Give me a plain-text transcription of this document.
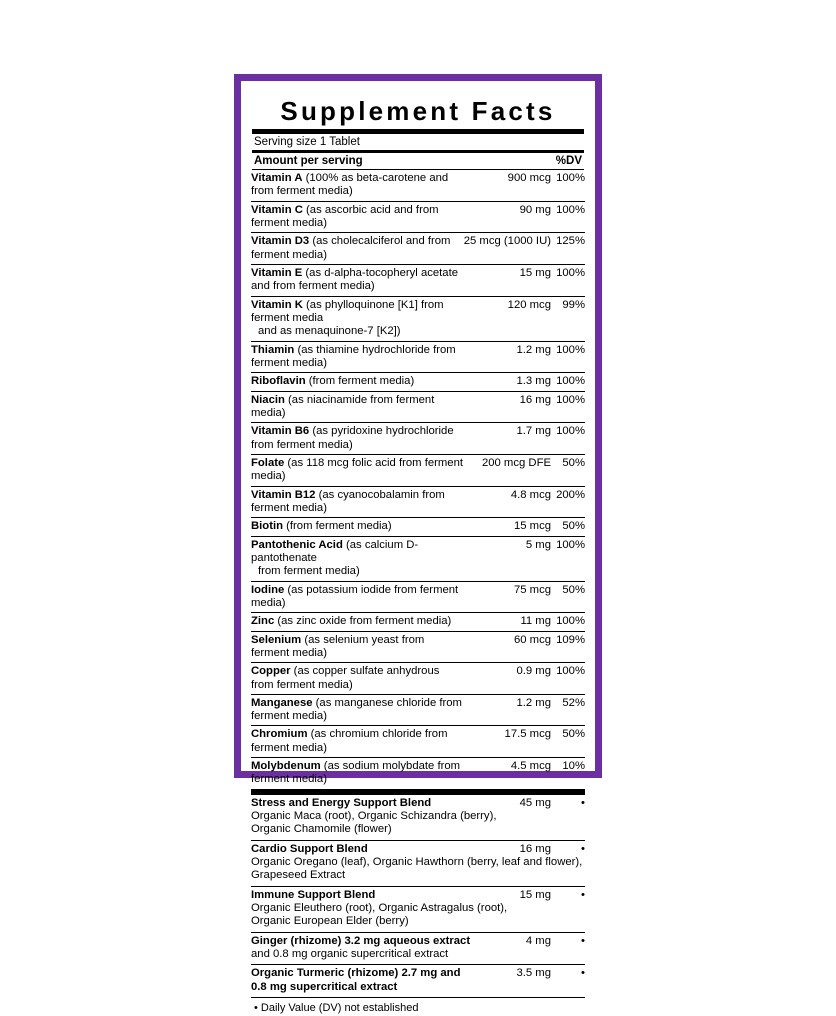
Supplement Facts
Serving size 1 Tablet
Amount per serving	%DV
Vitamin A (100% as beta-carotene and from ferment media)	900 mcg	100%
Vitamin C (as ascorbic acid and from ferment media)	90 mg	100%
Vitamin D3 (as cholecalciferol and from ferment media)	25 mcg (1000 IU)	125%
Vitamin E (as d-alpha-tocopheryl acetate and from ferment media)	15 mg	100%
Vitamin K (as phylloquinone [K1] from ferment media
and as menaquinone-7 [K2])	120 mcg	99%
Thiamin (as thiamine hydrochloride from ferment media)	1.2 mg	100%
Riboflavin (from ferment media)	1.3 mg	100%
Niacin (as niacinamide from ferment media)	16 mg	100%
Vitamin B6 (as pyridoxine hydrochloride from ferment media)	1.7 mg	100%
Folate (as 118 mcg folic acid from ferment media)	200 mcg DFE	50%
Vitamin B12 (as cyanocobalamin from ferment media)	4.8 mcg	200%
Biotin (from ferment media)	15 mcg	50%
Pantothenic Acid (as calcium D-pantothenate
from ferment media)	5 mg	100%
Iodine (as potassium iodide from ferment media)	75 mcg	50%
Zinc (as zinc oxide from ferment media)	11 mg	100%
Selenium (as selenium yeast from ferment media)	60 mcg	109%
Copper (as copper sulfate anhydrous from ferment media)	0.9 mg	100%
Manganese (as manganese chloride from ferment media)	1.2 mg	52%
Chromium (as chromium chloride from ferment media)	17.5 mcg	50%
Molybdenum (as sodium molybdate from ferment media)	4.5 mcg	10%
Stress and Energy Support Blend	45 mg	•
Organic Maca (root), Organic Schizandra (berry),
Organic Chamomile (flower)		
Cardio Support Blend	16 mg	•
Organic Oregano (leaf), Organic Hawthorn (berry, leaf and flower),
Grapeseed Extract		
Immune Support Blend	15 mg	•
Organic Eleuthero (root), Organic Astragalus (root),
Organic European Elder (berry)		
Ginger (rhizome) 3.2 mg aqueous extract	4 mg	•
and 0.8 mg organic supercritical extract		
Organic Turmeric (rhizome) 2.7 mg and 0.8 mg supercritical extract	3.5 mg	•

• Daily Value (DV) not established
